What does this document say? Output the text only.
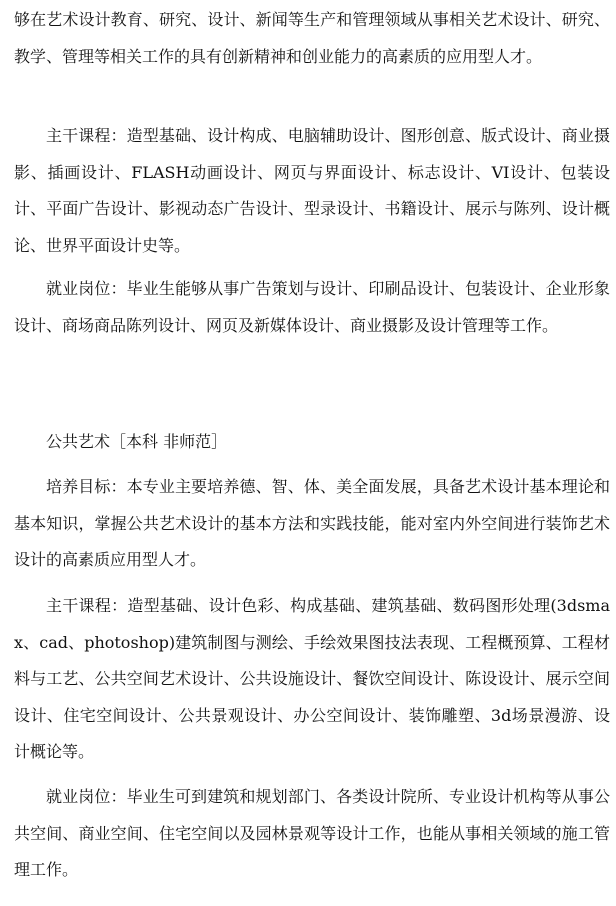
够在艺术设计教育、研究、设计、新闻等生产和管理领域从事相关艺术设计、研究、教学、管理等相关工作的具有创新精神和创业能力的高素质的应用型人才。

主干课程：造型基础、设计构成、电脑辅助设计、图形创意、版式设计、商业摄影、插画设计、FLASH动画设计、网页与界面设计、标志设计、VI设计、包装设计、平面广告设计、影视动态广告设计、型录设计、书籍设计、展示与陈列、设计概论、世界平面设计史等。

就业岗位：毕业生能够从事广告策划与设计、印刷品设计、包装设计、企业形象设计、商场商品陈列设计、网页及新媒体设计、商业摄影及设计管理等工作。

公共艺术［本科 非师范］

培养目标：本专业主要培养德、智、体、美全面发展，具备艺术设计基本理论和基本知识，掌握公共艺术设计的基本方法和实践技能，能对室内外空间进行装饰艺术设计的高素质应用型人才。

主干课程：造型基础、设计色彩、构成基础、建筑基础、数码图形处理(3dsmax、cad、photoshop)建筑制图与测绘、手绘效果图技法表现、工程概预算、工程材料与工艺、公共空间艺术设计、公共设施设计、餐饮空间设计、陈设设计、展示空间设计、住宅空间设计、公共景观设计、办公空间设计、装饰雕塑、3d场景漫游、设计概论等。

就业岗位：毕业生可到建筑和规划部门、各类设计院所、专业设计机构等从事公共空间、商业空间、住宅空间以及园林景观等设计工作，也能从事相关领域的施工管理工作。
